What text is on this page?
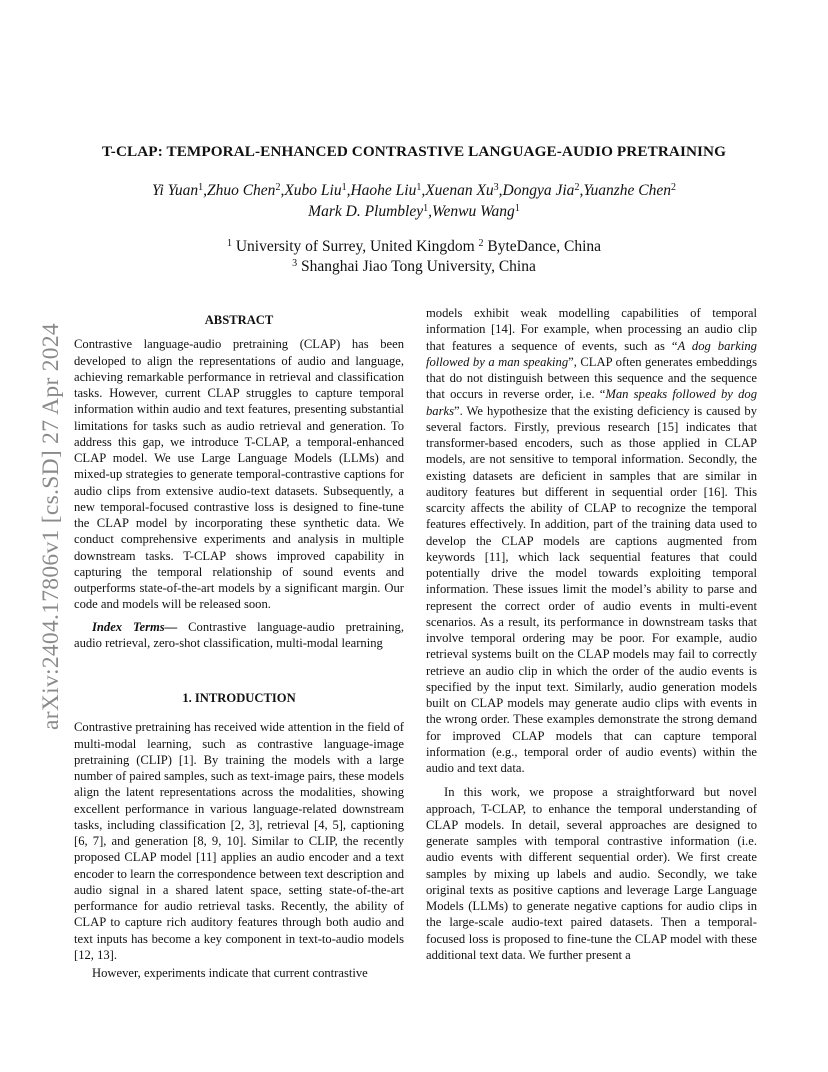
arXiv:2404.17806v1 [cs.SD] 27 Apr 2024
T-CLAP: TEMPORAL-ENHANCED CONTRASTIVE LANGUAGE-AUDIO PRETRAINING
Yi Yuan$^1$,Zhuo Chen$^2$,Xubo Liu$^1$,Haohe Liu$^1$,Xuenan Xu$^3$,Dongya Jia$^2$,Yuanzhe Chen$^2$
Mark D. Plumbley$^1$,Wenwu Wang$^1$
$^1$ University of Surrey, United Kingdom $^2$ ByteDance, China
$^3$ Shanghai Jiao Tong University, China
ABSTRACT

Contrastive language-audio pretraining (CLAP) has been developed to align the representations of audio and language, achieving remarkable performance in retrieval and classification tasks. However, current CLAP struggles to capture temporal information within audio and text features, presenting substantial limitations for tasks such as audio retrieval and generation. To address this gap, we introduce T-CLAP, a temporal-enhanced CLAP model. We use Large Language Models (LLMs) and mixed-up strategies to generate temporal-contrastive captions for audio clips from extensive audio-text datasets. Subsequently, a new temporal-focused contrastive loss is designed to fine-tune the CLAP model by incorporating these synthetic data. We conduct comprehensive experiments and analysis in multiple downstream tasks. T-CLAP shows improved capability in capturing the temporal relationship of sound events and outperforms state-of-the-art models by a significant margin. Our code and models will be released soon.

Index Terms— Contrastive language-audio pretraining, audio retrieval, zero-shot classification, multi-modal learning

1. INTRODUCTION

Contrastive pretraining has received wide attention in the field of multi-modal learning, such as contrastive language-image pretraining (CLIP) [1]. By training the models with a large number of paired samples, such as text-image pairs, these models align the latent representations across the modalities, showing excellent performance in various language-related downstream tasks, including classification [2, 3], retrieval [4, 5], captioning [6, 7], and generation [8, 9, 10]. Similar to CLIP, the recently proposed CLAP model [11] applies an audio encoder and a text encoder to learn the correspondence between text description and audio signal in a shared latent space, setting state-of-the-art performance for audio retrieval tasks. Recently, the ability of CLAP to capture rich auditory features through both audio and text inputs has become a key component in text-to-audio models [12, 13].

However, experiments indicate that current contrastive

models exhibit weak modelling capabilities of temporal information [14]. For example, when processing an audio clip that features a sequence of events, such as “A dog barking followed by a man speaking”, CLAP often generates embeddings that do not distinguish between this sequence and the sequence that occurs in reverse order, i.e. “Man speaks followed by dog barks”. We hypothesize that the existing deficiency is caused by several factors. Firstly, previous research [15] indicates that transformer-based encoders, such as those applied in CLAP models, are not sensitive to temporal information. Secondly, the existing datasets are deficient in samples that are similar in auditory features but different in sequential order [16]. This scarcity affects the ability of CLAP to recognize the temporal features effectively. In addition, part of the training data used to develop the CLAP models are captions augmented from keywords [11], which lack sequential features that could potentially drive the model towards exploiting temporal information. These issues limit the model’s ability to parse and represent the correct order of audio events in multi-event scenarios. As a result, its performance in downstream tasks that involve temporal ordering may be poor. For example, audio retrieval systems built on the CLAP models may fail to correctly retrieve an audio clip in which the order of the audio events is specified by the input text. Similarly, audio generation models built on CLAP models may generate audio clips with events in the wrong order. These examples demonstrate the strong demand for improved CLAP models that can capture temporal information (e.g., temporal order of audio events) within the audio and text data.

In this work, we propose a straightforward but novel approach, T-CLAP, to enhance the temporal understanding of CLAP models. In detail, several approaches are designed to generate samples with temporal contrastive information (i.e. audio events with different sequential order). We first create samples by mixing up labels and audio. Secondly, we take original texts as positive captions and leverage Large Language Models (LLMs) to generate negative captions for audio clips in the large-scale audio-text paired datasets. Then a temporal-focused loss is proposed to fine-tune the CLAP model with these additional text data. We further present a
